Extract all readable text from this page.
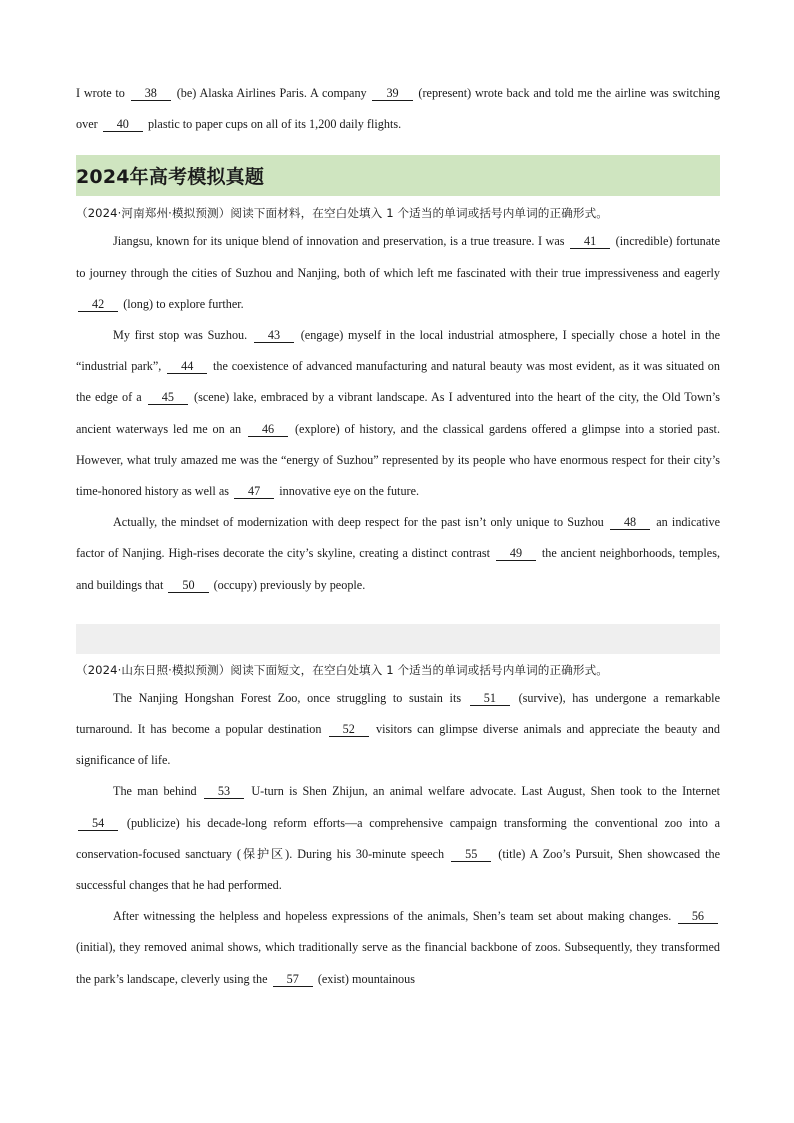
I wrote to 38 (be) Alaska Airlines Paris. A company 39 (represent) wrote back and told me the airline was switching over 40 plastic to paper cups on all of its 1,200 daily flights.

2024年高考模拟真题
（2024·河南郑州·模拟预测）阅读下面材料，在空白处填入 1 个适当的单词或括号内单词的正确形式。

Jiangsu, known for its unique blend of innovation and preservation, is a true treasure. I was 41 (incredible) fortunate to journey through the cities of Suzhou and Nanjing, both of which left me fascinated with their true impressiveness and eagerly 42 (long) to explore further.

My first stop was Suzhou. 43 (engage) myself in the local industrial atmosphere, I specially chose a hotel in the “industrial park”, 44 the coexistence of advanced manufacturing and natural beauty was most evident, as it was situated on the edge of a 45 (scene) lake, embraced by a vibrant landscape. As I adventured into the heart of the city, the Old Town’s ancient waterways led me on an 46 (explore) of history, and the classical gardens offered a glimpse into a storied past. However, what truly amazed me was the “energy of Suzhou” represented by its people who have enormous respect for their city’s time-honored history as well as 47 innovative eye on the future.

Actually, the mindset of modernization with deep respect for the past isn’t only unique to Suzhou 48 an indicative factor of Nanjing. High-rises decorate the city’s skyline, creating a distinct contrast 49 the ancient neighborhoods, temples, and buildings that 50 (occupy) previously by people.

（2024·山东日照·模拟预测）阅读下面短文，在空白处填入 1 个适当的单词或括号内单词的正确形式。

The Nanjing Hongshan Forest Zoo, once struggling to sustain its 51 (survive), has undergone a remarkable turnaround. It has become a popular destination 52 visitors can glimpse diverse animals and appreciate the beauty and significance of life.

The man behind 53 U-turn is Shen Zhijun, an animal welfare advocate. Last August, Shen took to the Internet 54 (publicize) his decade-long reform efforts—a comprehensive campaign transforming the conventional zoo into a conservation-focused sanctuary (保护区). During his 30-minute speech 55 (title) A Zoo’s Pursuit, Shen showcased the successful changes that he had performed.

After witnessing the helpless and hopeless expressions of the animals, Shen’s team set about making changes. 56 (initial), they removed animal shows, which traditionally serve as the financial backbone of zoos. Subsequently, they transformed the park’s landscape, cleverly using the 57 (exist) mountainous
